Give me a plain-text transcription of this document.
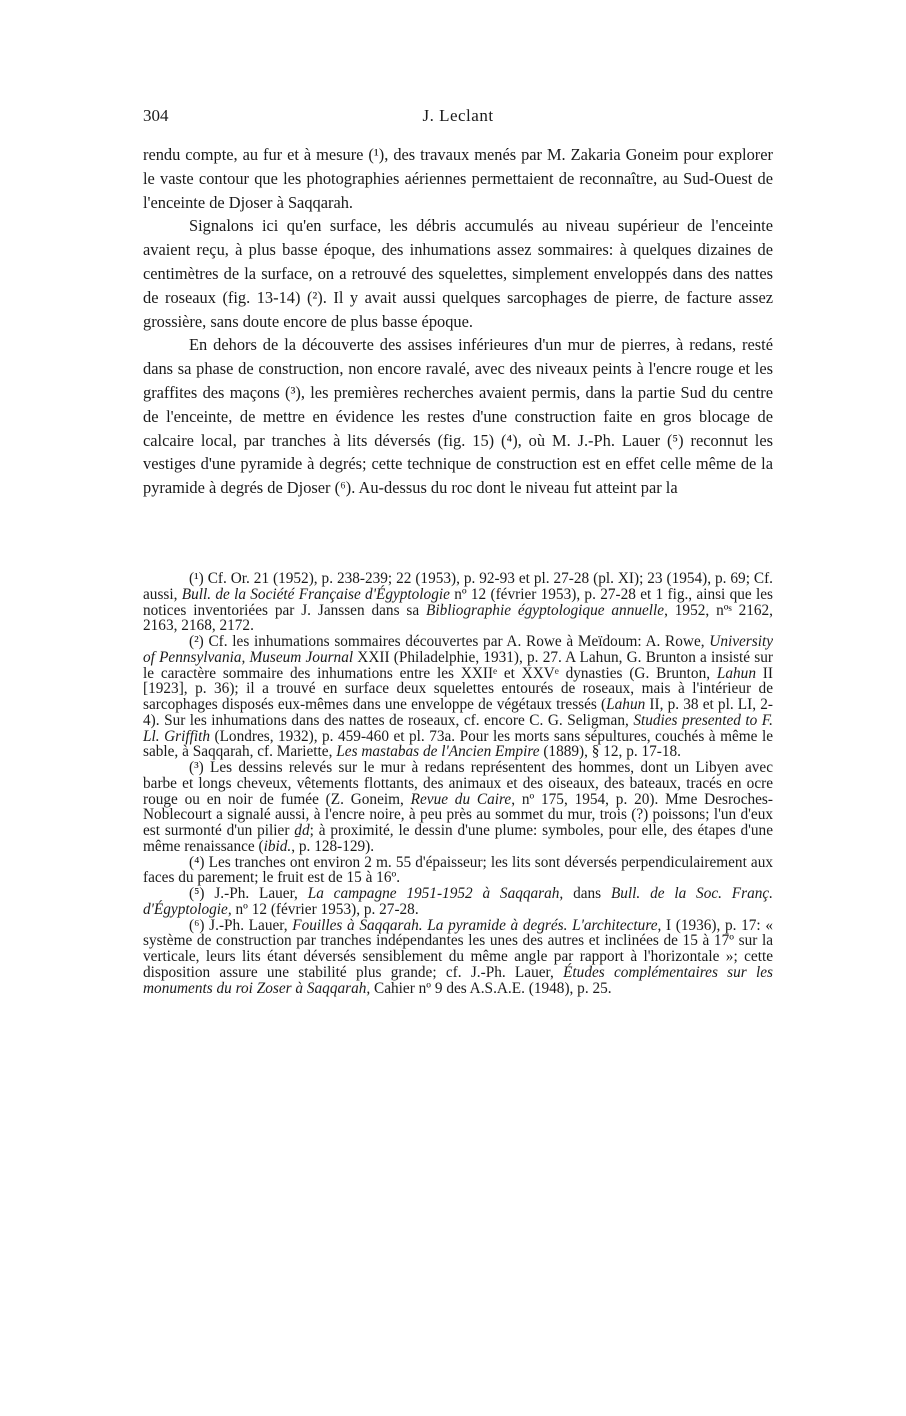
304	J. Leclant

rendu compte, au fur et à mesure (¹), des travaux menés par M. Zakaria Goneim pour explorer le vaste contour que les photographies aériennes permettaient de reconnaître, au Sud-Ouest de l'enceinte de Djoser à Saqqarah.

Signalons ici qu'en surface, les débris accumulés au niveau supérieur de l'enceinte avaient reçu, à plus basse époque, des inhumations assez sommaires: à quelques dizaines de centimètres de la surface, on a retrouvé des squelettes, simplement enveloppés dans des nattes de roseaux (fig. 13-14) (²). Il y avait aussi quelques sarcophages de pierre, de facture assez grossière, sans doute encore de plus basse époque.

En dehors de la découverte des assises inférieures d'un mur de pierres, à redans, resté dans sa phase de construction, non encore ravalé, avec des niveaux peints à l'encre rouge et les graffites des maçons (³), les premières recherches avaient permis, dans la partie Sud du centre de l'enceinte, de mettre en évidence les restes d'une construction faite en gros blocage de calcaire local, par tranches à lits déversés (fig. 15) (⁴), où M. J.-Ph. Lauer (⁵) reconnut les vestiges d'une pyramide à degrés; cette technique de construction est en effet celle même de la pyramide à degrés de Djoser (⁶). Au-dessus du roc dont le niveau fut atteint par la

(¹) Cf. Or. 21 (1952), p. 238-239; 22 (1953), p. 92-93 et pl. 27-28 (pl. XI); 23 (1954), p. 69; Cf. aussi, Bull. de la Société Française d'Égyptologie nº 12 (février 1953), p. 27-28 et 1 fig., ainsi que les notices inventoriées par J. Janssen dans sa Bibliographie égyptologique annuelle, 1952, nºˢ 2162, 2163, 2168, 2172.

(²) Cf. les inhumations sommaires découvertes par A. Rowe à Meïdoum: A. Rowe, University of Pennsylvania, Museum Journal XXII (Philadelphie, 1931), p. 27. A Lahun, G. Brunton a insisté sur le caractère sommaire des inhumations entre les XXIIᵉ et XXVᵉ dynasties (G. Brunton, Lahun II [1923], p. 36); il a trouvé en surface deux squelettes entourés de roseaux, mais à l'intérieur de sarcophages disposés eux-mêmes dans une enveloppe de végétaux tressés (Lahun II, p. 38 et pl. LI, 2-4). Sur les inhumations dans des nattes de roseaux, cf. encore C. G. Seligman, Studies presented to F. Ll. Griffith (Londres, 1932), p. 459-460 et pl. 73a. Pour les morts sans sépultures, couchés à même le sable, à Saqqarah, cf. Mariette, Les mastabas de l'Ancien Empire (1889), § 12, p. 17-18.

(³) Les dessins relevés sur le mur à redans représentent des hommes, dont un Libyen avec barbe et longs cheveux, vêtements flottants, des animaux et des oiseaux, des bateaux, tracés en ocre rouge ou en noir de fumée (Z. Goneim, Revue du Caire, nº 175, 1954, p. 20). Mme Desroches-Noblecourt a signalé aussi, à l'encre noire, à peu près au sommet du mur, trois (?) poissons; l'un d'eux est surmonté d'un pilier ḏd; à proximité, le dessin d'une plume: symboles, pour elle, des étapes d'une même renaissance (ibid., p. 128-129).

(⁴) Les tranches ont environ 2 m. 55 d'épaisseur; les lits sont déversés perpendiculairement aux faces du parement; le fruit est de 15 à 16º.

(⁵) J.-Ph. Lauer, La campagne 1951-1952 à Saqqarah, dans Bull. de la Soc. Franç. d'Égyptologie, nº 12 (février 1953), p. 27-28.

(⁶) J.-Ph. Lauer, Fouilles à Saqqarah. La pyramide à degrés. L'architecture, I (1936), p. 17: « système de construction par tranches indépendantes les unes des autres et inclinées de 15 à 17º sur la verticale, leurs lits étant déversés sensiblement du même angle par rapport à l'horizontale »; cette disposition assure une stabilité plus grande; cf. J.-Ph. Lauer, Études complémentaires sur les monuments du roi Zoser à Saqqarah, Cahier nº 9 des A.S.A.E. (1948), p. 25.
